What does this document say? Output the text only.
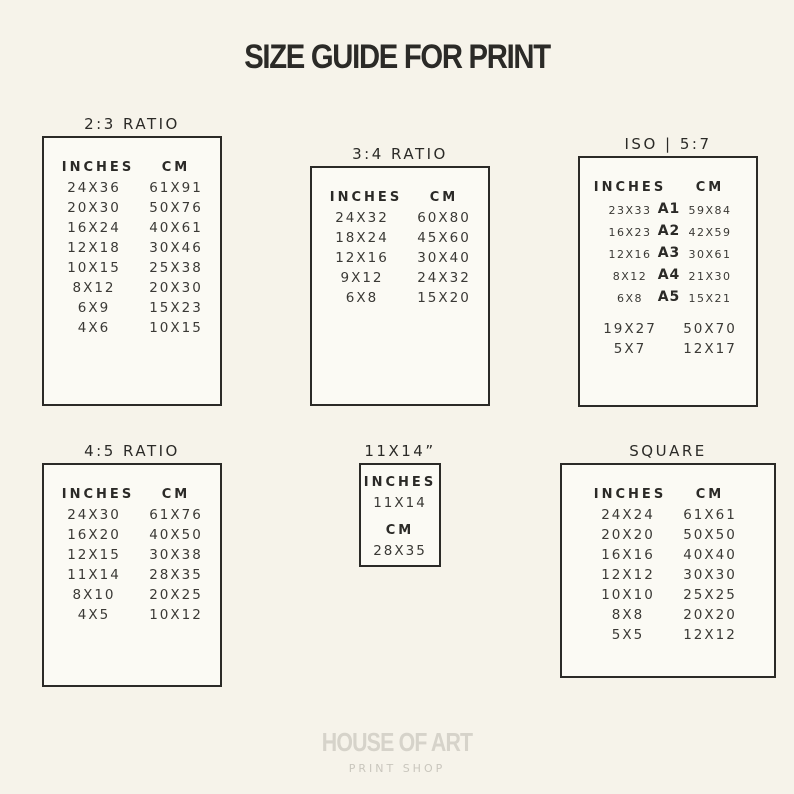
SIZE GUIDE FOR PRINT
2:3 RATIO
INCHES	CM
24X36	61X91
20X30	50X76
16X24	40X61
12X18	30X46
10X15	25X38
8X12	20X30
6X9	15X23
4X6	10X15
3:4 RATIO
INCHES	CM
24X32	60X80
18X24	45X60
12X16	30X40
9X12	24X32
6X8	15X20
ISO | 5:7
INCHES	CM
23X33 A1 59X84
16X23 A2 42X59
12X16 A3 30X61
8X12 A4 21X30
6X8	A5 15X21
19X27	50X70
5X7	12X17
4:5 RATIO
INCHES	CM
24X30	61X76
16X20	40X50
12X15	30X38
11X14	28X35
8X10	20X25
4X5	10X12
11X14”
INCHES
11X14
CM
28X35
SQUARE
INCHES	CM
24X24	61X61
20X20	50X50
16X16	40X40
12X12	30X30
10X10	25X25
8X8	20X20
5X5	12X12
HOUSE OF ART
PRINT SHOP
